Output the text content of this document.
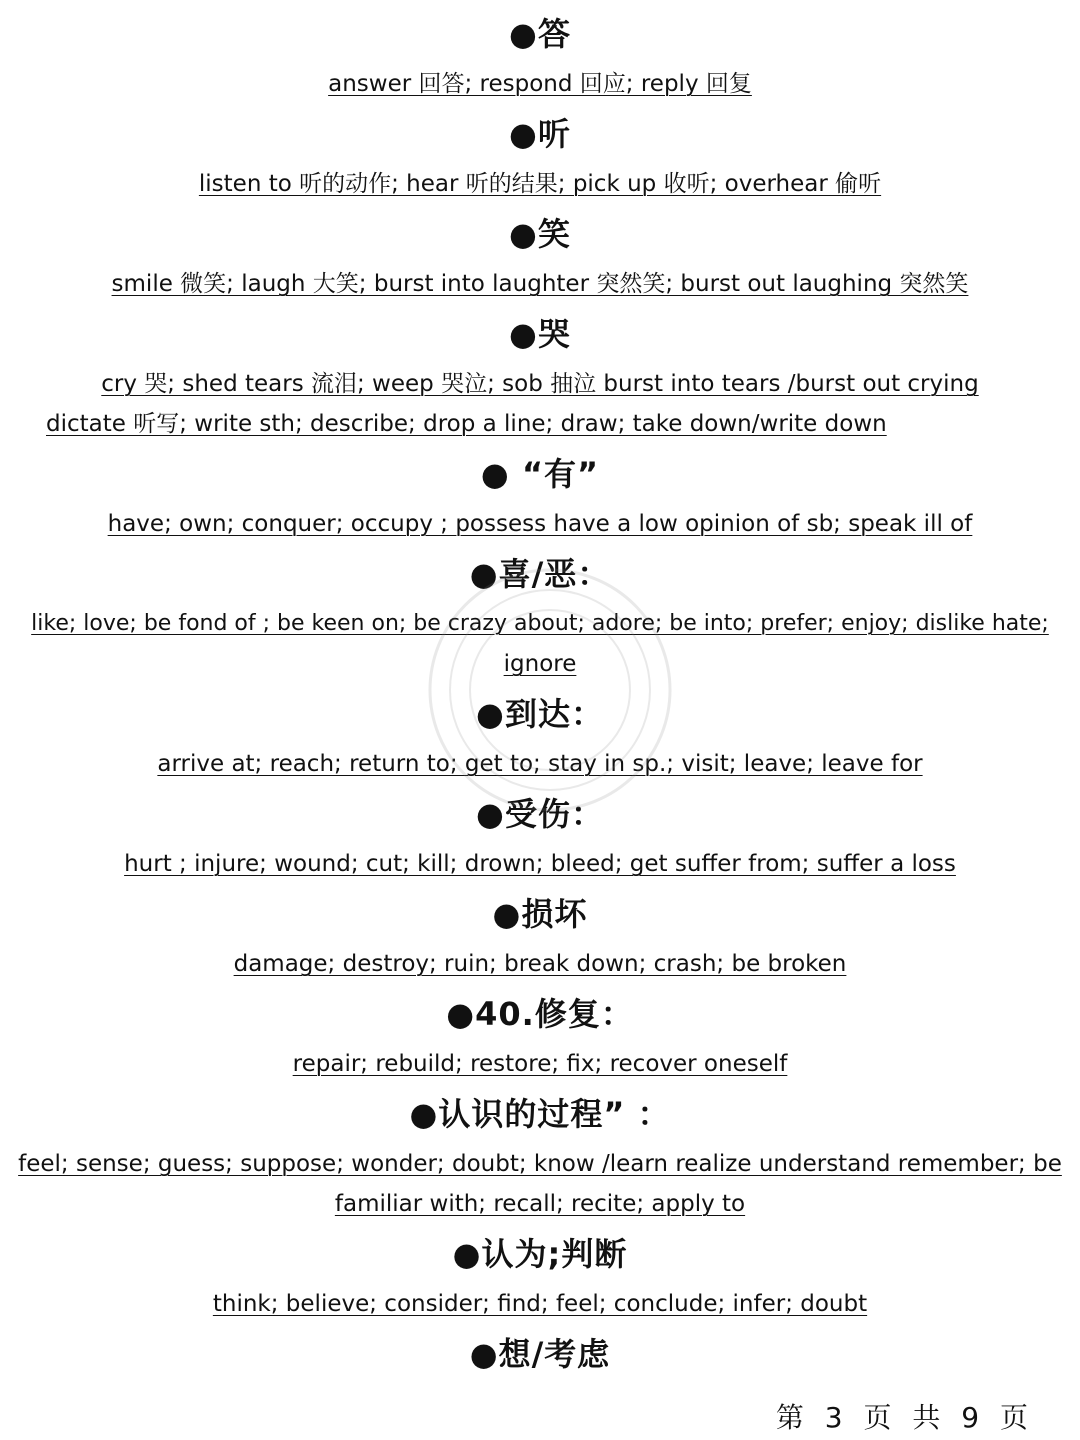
●答
answer 回答; respond 回应; reply 回复
●听
listen to 听的动作; hear 听的结果; pick up 收听; overhear 偷听
●笑
smile 微笑; laugh 大笑; burst into laughter 突然笑; burst out laughing 突然笑
●哭
cry 哭; shed tears 流泪; weep 哭泣; sob 抽泣 burst into tears /burst out crying
dictate 听写; write sth; describe; drop a line; draw; take down/write down
● “有”
have; own; conquer; occupy ; possess have a low opinion of sb; speak ill of
●喜/恶：
like; love; be fond of ; be keen on; be crazy about; adore; be into; prefer; enjoy; dislike hate;
ignore
●到达：
arrive at; reach; return to; get to; stay in sp.; visit; leave; leave for
●受伤：
hurt ; injure; wound; cut; kill; drown; bleed; get suffer from; suffer a loss
●损坏
damage; destroy; ruin; break down; crash; be broken
●40.修复：
repair; rebuild; restore; fix; recover oneself
●认识的过程” ：
feel; sense; guess; suppose; wonder; doubt; know /learn realize understand remember; be
familiar with; recall; recite; apply to
●认为;判断
think; believe; consider; find; feel; conclude; infer; doubt
●想/考虑
第 3 页 共 9 页
